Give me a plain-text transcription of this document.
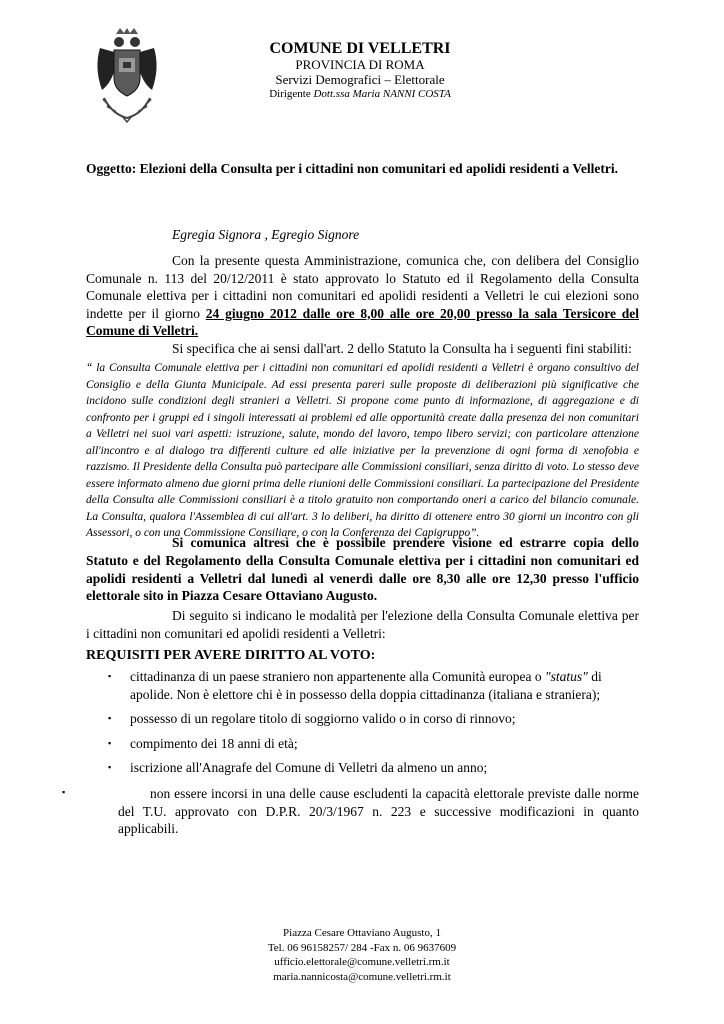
COMUNE DI VELLETRI
PROVINCIA DI ROMA
Servizi Demografici – Elettorale
Dirigente Dott.ssa Maria NANNI COSTA
Oggetto: Elezioni della Consulta per i cittadini non comunitari ed apolidi residenti a Velletri.
Egregia Signora , Egregio Signore
Con la presente questa Amministrazione, comunica che, con delibera del Consiglio Comunale n. 113 del 20/12/2011 è stato approvato lo Statuto ed il Regolamento della Consulta Comunale elettiva per i cittadini non comunitari ed apolidi residenti a Velletri le cui elezioni sono indette per il giorno 24 giugno 2012 dalle ore 8,00 alle ore 20,00 presso la sala Tersicore del Comune di Velletri.
Si specifica che ai sensi dall'art. 2 dello Statuto la Consulta ha i seguenti fini stabiliti:
“ la Consulta Comunale elettiva per i cittadini non comunitari ed apolidi residenti a Velletri è organo consultivo del Consiglio e della Giunta Municipale. Ad essi presenta pareri sulle proposte di deliberazioni più significative che incidono sulle condizioni degli stranieri a Velletri. Si propone come punto di informazione, di aggregazione e di confronto per i gruppi ed i singoli interessati ai problemi ed alle opportunità create dalla presenza dei non comunitari a Velletri nei suoi vari aspetti: istruzione, salute, mondo del lavoro, tempo libero servizi; con particolare attenzione all'incontro e al dialogo tra differenti culture ed alle iniziative per la prevenzione di ogni forma di xenofobia e razzismo. Il Presidente della Consulta può partecipare alle Commissioni consiliari, senza diritto di voto. Lo stesso deve essere informato almeno due giorni prima delle riunioni delle Commissioni consiliari. La partecipazione del Presidente della Consulta alle Commissioni consiliari è a titolo gratuito non comportando oneri a carico del bilancio comunale. La Consulta, qualora l'Assemblea di cui all'art. 3 lo deliberi, ha diritto di ottenere entro 30 giorni un incontro con gli Assessori, o con una Commissione Consiliare, o con la Conferenza dei Capigruppo”.
Si comunica altresì che è possibile prendere visione ed estrarre copia dello Statuto e del Regolamento della Consulta Comunale elettiva per i cittadini non comunitari ed apolidi residenti a Velletri dal lunedì al venerdì dalle ore 8,30 alle ore 12,30 presso l'ufficio elettorale sito in Piazza Cesare Ottaviano Augusto.
Di seguito si indicano le modalità per l'elezione della Consulta Comunale elettiva per i cittadini non comunitari ed apolidi residenti a Velletri:
REQUISITI PER AVERE DIRITTO AL VOTO:
▪ cittadinanza di un paese straniero non appartenente alla Comunità europea o "status" di apolide. Non è elettore chi è in possesso della doppia cittadinanza (italiana e straniera);
▪ possesso di un regolare titolo di soggiorno valido o in corso di rinnovo;
▪ compimento dei 18 anni di età;
▪ iscrizione all'Anagrafe del Comune di Velletri da almeno un anno;
▪	non essere incorsi in una delle cause escludenti la capacità elettorale previste dalle norme del T.U. approvato con D.P.R. 20/3/1967 n. 223 e successive modificazioni in quanto applicabili.
Piazza Cesare Ottaviano Augusto, 1
Tel. 06 96158257/ 284 -Fax n. 06 9637609
ufficio.elettorale@comune.velletri.rm.it
maria.nannicosta@comune.velletri.rm.it
